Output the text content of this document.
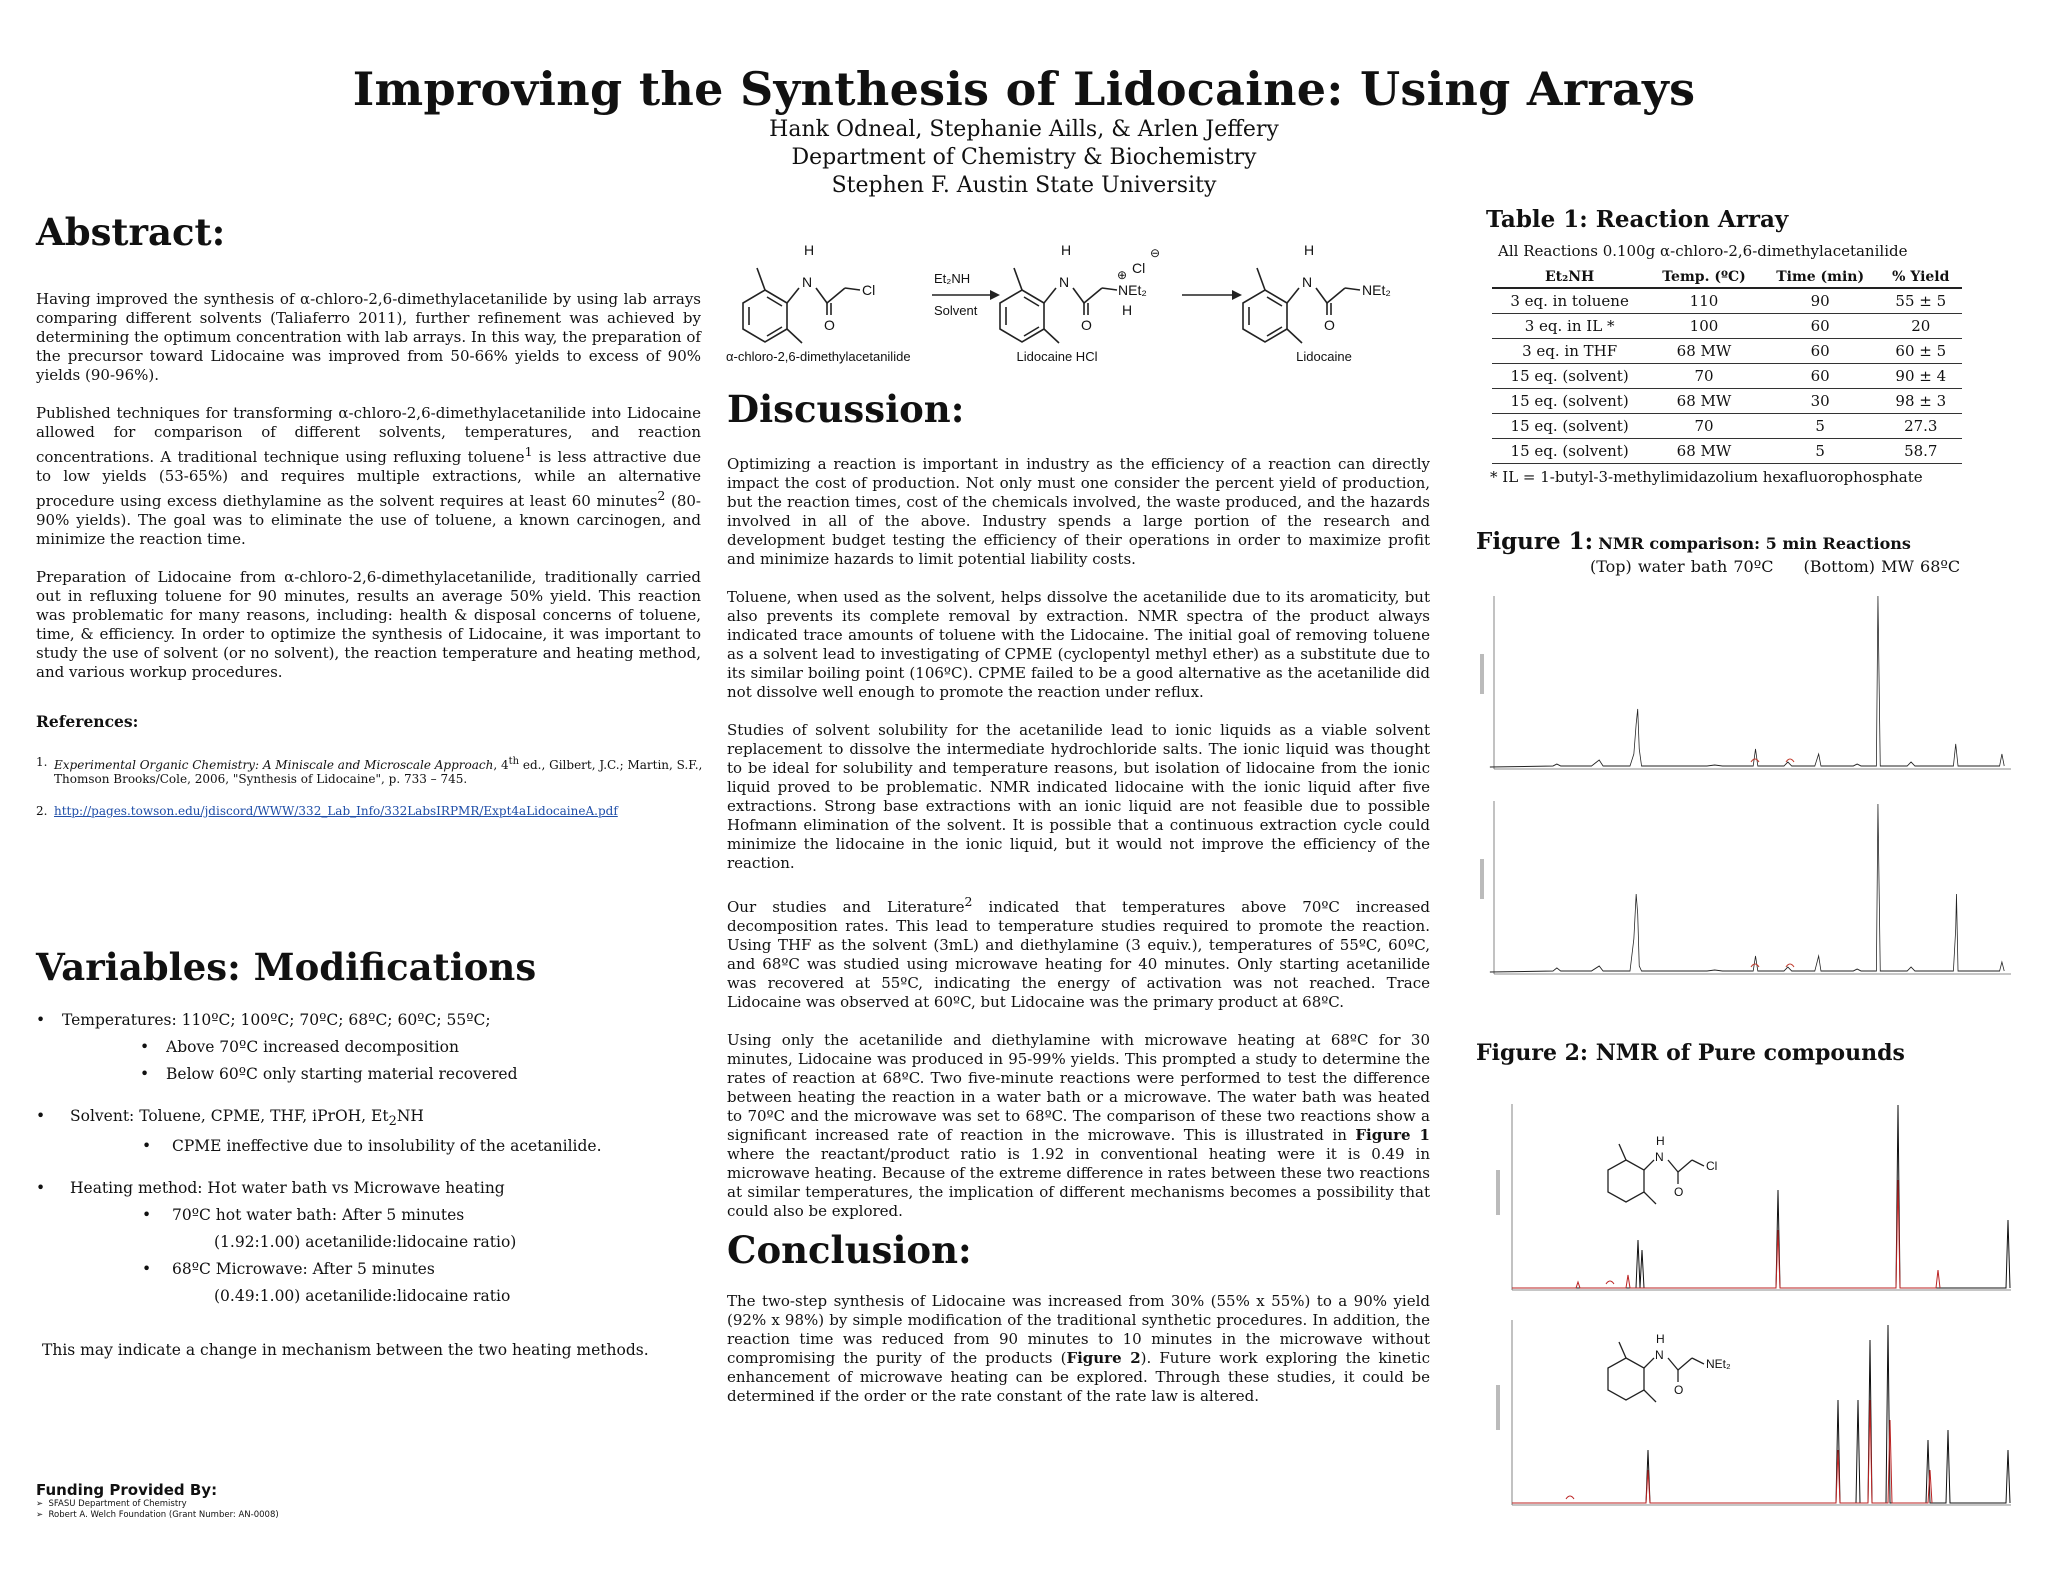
Improving the Synthesis of Lidocaine: Using Arrays
Hank Odneal, Stephanie Aills, & Arlen Jeffery
Department of Chemistry & Biochemistry
Stephen F. Austin State University
Abstract:

Having improved the synthesis of α-chloro-2,6-dimethylacetanilide by using lab arrays comparing different solvents (Taliaferro 2011), further refinement was achieved by determining the optimum concentration with lab arrays. In this way, the preparation of the precursor toward Lidocaine was improved from 50-66% yields to excess of 90% yields (90-96%).

Published techniques for transforming α-chloro-2,6-dimethylacetanilide into Lidocaine allowed for comparison of different solvents, temperatures, and reaction concentrations. A traditional technique using refluxing toluene$^1$ is less attractive due to low yields (53-65%) and requires multiple extractions, while an alternative procedure using excess diethylamine as the solvent requires at least 60 minutes$^2$ (80-90% yields). The goal was to eliminate the use of toluene, a known carcinogen, and minimize the reaction time.

Preparation of Lidocaine from α-chloro-2,6-dimethylacetanilide, traditionally carried out in refluxing toluene for 90 minutes, results an average 50% yield. This reaction was problematic for many reasons, including: health & disposal concerns of toluene, time, & efficiency. In order to optimize the synthesis of Lidocaine, it was important to study the use of solvent (or no solvent), the reaction temperature and heating method, and various workup procedures.

References:
1. Experimental Organic Chemistry: A Miniscale and Microscale Approach, 4th ed., Gilbert, J.C.; Martin, S.F., Thomson Brooks/Cole, 2006, "Synthesis of Lidocaine", p. 733 – 745.
2. http://pages.towson.edu/jdiscord/WWW/332_Lab_Info/332LabsIRPMR/Expt4aLidocaineA.pdf
Variables: Modifications
• Temperatures: 110ºC; 100ºC; 70ºC; 68ºC; 60ºC; 55ºC;
• Above 70ºC increased decomposition
• Below 60ºC only starting material recovered
• Solvent: Toluene, CPME, THF, iPrOH, $Et_2NH$
• CPME ineffective due to insolubility of the acetanilide.
• Heating method: Hot water bath vs Microwave heating
• 70ºC hot water bath: After 5 minutes
(1.92:1.00) acetanilide:lidocaine ratio)
• 68ºC Microwave: After 5 minutes
(0.49:1.00) acetanilide:lidocaine ratio
This may indicate a change in mechanism between the two heating methods.
Funding Provided By:
➢ SFASU Department of Chemistry
➢ Robert A. Welch Foundation (Grant Number: AN-0008)
H
N
O
Cl
Et₂NH
Solvent
H
N
O
NEt₂
H
Cl
⊖
⊕
H
N
O
NEt₂
α-chloro-2,6-dimethylacetanilide	Lidocaine HCl	Lidocaine
Discussion:

Optimizing a reaction is important in industry as the efficiency of a reaction can directly impact the cost of production. Not only must one consider the percent yield of production, but the reaction times, cost of the chemicals involved, the waste produced, and the hazards involved in all of the above. Industry spends a large portion of the research and development budget testing the efficiency of their operations in order to maximize profit and minimize hazards to limit potential liability costs.

Toluene, when used as the solvent, helps dissolve the acetanilide due to its aromaticity, but also prevents its complete removal by extraction. NMR spectra of the product always indicated trace amounts of toluene with the Lidocaine. The initial goal of removing toluene as a solvent lead to investigating of CPME (cyclopentyl methyl ether) as a substitute due to its similar boiling point (106ºC). CPME failed to be a good alternative as the acetanilide did not dissolve well enough to promote the reaction under reflux.

Studies of solvent solubility for the acetanilide lead to ionic liquids as a viable solvent replacement to dissolve the intermediate hydrochloride salts. The ionic liquid was thought to be ideal for solubility and temperature reasons, but isolation of lidocaine from the ionic liquid proved to be problematic. NMR indicated lidocaine with the ionic liquid after five extractions. Strong base extractions with an ionic liquid are not feasible due to possible Hofmann elimination of the solvent. It is possible that a continuous extraction cycle could minimize the lidocaine in the ionic liquid, but it would not improve the efficiency of the reaction.

Our studies and Literature$^2$ indicated that temperatures above 70ºC increased decomposition rates. This lead to temperature studies required to promote the reaction. Using THF as the solvent (3mL) and diethylamine (3 equiv.), temperatures of 55ºC, 60ºC, and 68ºC was studied using microwave heating for 40 minutes. Only starting acetanilide was recovered at 55ºC, indicating the energy of activation was not reached. Trace Lidocaine was observed at 60ºC, but Lidocaine was the primary product at 68ºC.

Using only the acetanilide and diethylamine with microwave heating at 68ºC for 30 minutes, Lidocaine was produced in 95-99% yields. This prompted a study to determine the rates of reaction at 68ºC. Two five-minute reactions were performed to test the difference between heating the reaction in a water bath or a microwave. The water bath was heated to 70ºC and the microwave was set to 68ºC. The comparison of these two reactions show a significant increased rate of reaction in the microwave. This is illustrated in Figure 1 where the reactant/product ratio is 1.92 in conventional heating were it is 0.49 in microwave heating. Because of the extreme difference in rates between these two reactions at similar temperatures, the implication of different mechanisms becomes a possibility that could also be explored.

Conclusion:

The two-step synthesis of Lidocaine was increased from 30% (55% x 55%) to a 90% yield (92% x 98%) by simple modification of the traditional synthetic procedures. In addition, the reaction time was reduced from 90 minutes to 10 minutes in the microwave without compromising the purity of the products (Figure 2). Future work exploring the kinetic enhancement of microwave heating can be explored. Through these studies, it could be determined if the order or the rate constant of the rate law is altered.

Table 1: Reaction Array
All Reactions 0.100g α-chloro-2,6-dimethylacetanilide
Et₂NH	Temp. (ºC)	Time (min)	% Yield
3 eq. in toluene	110	90	55 ± 5
3 eq. in IL *	100	60	20
3 eq. in THF	68 MW	60	60 ± 5
15 eq. (solvent)	70	60	90 ± 4
15 eq. (solvent)	68 MW	30	98 ± 3
15 eq. (solvent)	70	5	27.3
15 eq. (solvent)	68 MW	5	58.7
* IL = 1-butyl-3-methylimidazolium hexafluorophosphate
Figure 1: NMR comparison: 5 min Reactions
(Top) water bath 70ºC (Bottom) MW 68ºC
Figure 2: NMR of Pure compounds
H
N
O
Cl
H
N
O
NEt₂
